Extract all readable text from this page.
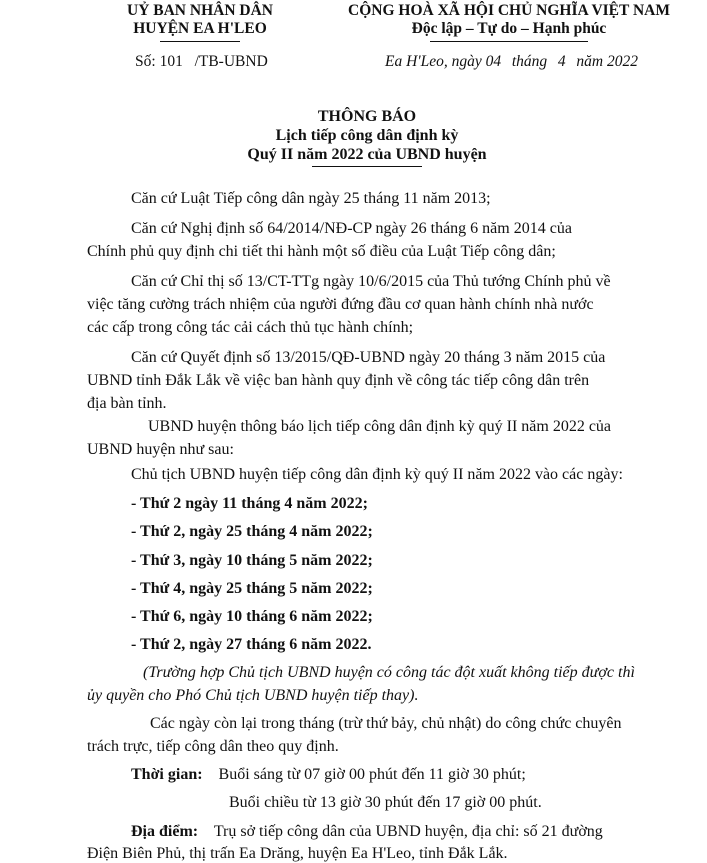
UỶ BAN NHÂN DÂN
HUYỆN EA H'LEO
Số: 101 /TB-UBND
CỘNG HOÀ XÃ HỘI CHỦ NGHĨA VIỆT NAM
Độc lập – Tự do – Hạnh phúc
Ea H'Leo, ngày 04 tháng 4 năm 2022
THÔNG BÁO
Lịch tiếp công dân định kỳ
Quý II năm 2022 của UBND huyện
Căn cứ Luật Tiếp công dân ngày 25 tháng 11 năm 2013;
Căn cứ Nghị định số 64/2014/NĐ-CP ngày 26 tháng 6 năm 2014 của
Chính phủ quy định chi tiết thi hành một số điều của Luật Tiếp công dân;
Căn cứ Chỉ thị số 13/CT-TTg ngày 10/6/2015 của Thủ tướng Chính phủ về
việc tăng cường trách nhiệm của người đứng đầu cơ quan hành chính nhà nước
các cấp trong công tác cải cách thủ tục hành chính;
Căn cứ Quyết định số 13/2015/QĐ-UBND ngày 20 tháng 3 năm 2015 của
UBND tỉnh Đắk Lắk về việc ban hành quy định về công tác tiếp công dân trên
địa bàn tỉnh.
UBND huyện thông báo lịch tiếp công dân định kỳ quý II năm 2022 của
UBND huyện như sau:
Chủ tịch UBND huyện tiếp công dân định kỳ quý II năm 2022 vào các ngày:
- Thứ 2 ngày 11 tháng 4 năm 2022;
- Thứ 2, ngày 25 tháng 4 năm 2022;
- Thứ 3, ngày 10 tháng 5 năm 2022;
- Thứ 4, ngày 25 tháng 5 năm 2022;
- Thứ 6, ngày 10 tháng 6 năm 2022;
- Thứ 2, ngày 27 tháng 6 năm 2022.
(Trường hợp Chủ tịch UBND huyện có công tác đột xuất không tiếp được thì
ủy quyền cho Phó Chủ tịch UBND huyện tiếp thay).
Các ngày còn lại trong tháng (trừ thứ bảy, chủ nhật) do công chức chuyên
trách trực, tiếp công dân theo quy định.
Thời gian: Buổi sáng từ 07 giờ 00 phút đến 11 giờ 30 phút;
Buổi chiều từ 13 giờ 30 phút đến 17 giờ 00 phút.
Địa điểm: Trụ sở tiếp công dân của UBND huyện, địa chỉ: số 21 đường
Điện Biên Phủ, thị trấn Ea Drăng, huyện Ea H'Leo, tỉnh Đắk Lắk.
